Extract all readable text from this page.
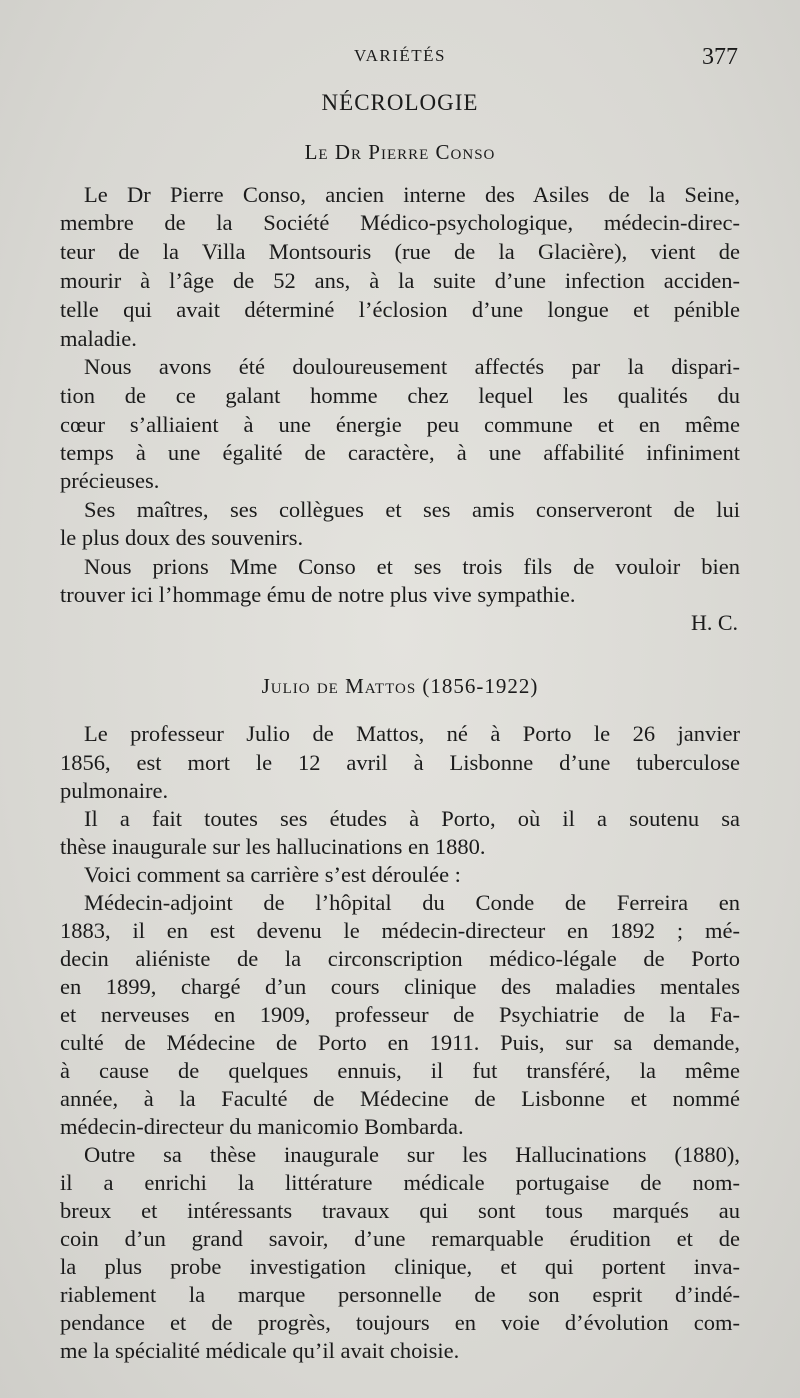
VARIÉTÉS	377
NÉCROLOGIE
Le Dr Pierre Conso
Le Dr Pierre Conso, ancien interne des Asiles de la Seine,
membre de la Société Médico-psychologique, médecin-direc-
teur de la Villa Montsouris (rue de la Glacière), vient de
mourir à l’âge de 52 ans, à la suite d’une infection acciden-
telle qui avait déterminé l’éclosion d’une longue et pénible
maladie.
Nous avons été douloureusement affectés par la dispari-
tion de ce galant homme chez lequel les qualités du
cœur s’alliaient à une énergie peu commune et en même
temps à une égalité de caractère, à une affabilité infiniment
précieuses.
Ses maîtres, ses collègues et ses amis conserveront de lui
le plus doux des souvenirs.
Nous prions Mme Conso et ses trois fils de vouloir bien
trouver ici l’hommage ému de notre plus vive sympathie.
H. C.
Julio de Mattos (1856-1922)
Le professeur Julio de Mattos, né à Porto le 26 janvier
1856, est mort le 12 avril à Lisbonne d’une tuberculose
pulmonaire.
Il a fait toutes ses études à Porto, où il a soutenu sa
thèse inaugurale sur les hallucinations en 1880.
Voici comment sa carrière s’est déroulée :
Médecin-adjoint de l’hôpital du Conde de Ferreira en
1883, il en est devenu le médecin-directeur en 1892 ; mé-
decin aliéniste de la circonscription médico-légale de Porto
en 1899, chargé d’un cours clinique des maladies mentales
et nerveuses en 1909, professeur de Psychiatrie de la Fa-
culté de Médecine de Porto en 1911. Puis, sur sa demande,
à cause de quelques ennuis, il fut transféré, la même
année, à la Faculté de Médecine de Lisbonne et nommé
médecin-directeur du manicomio Bombarda.
Outre sa thèse inaugurale sur les Hallucinations (1880),
il a enrichi la littérature médicale portugaise de nom-
breux et intéressants travaux qui sont tous marqués au
coin d’un grand savoir, d’une remarquable érudition et de
la plus probe investigation clinique, et qui portent inva-
riablement la marque personnelle de son esprit d’indé-
pendance et de progrès, toujours en voie d’évolution com-
me la spécialité médicale qu’il avait choisie.
